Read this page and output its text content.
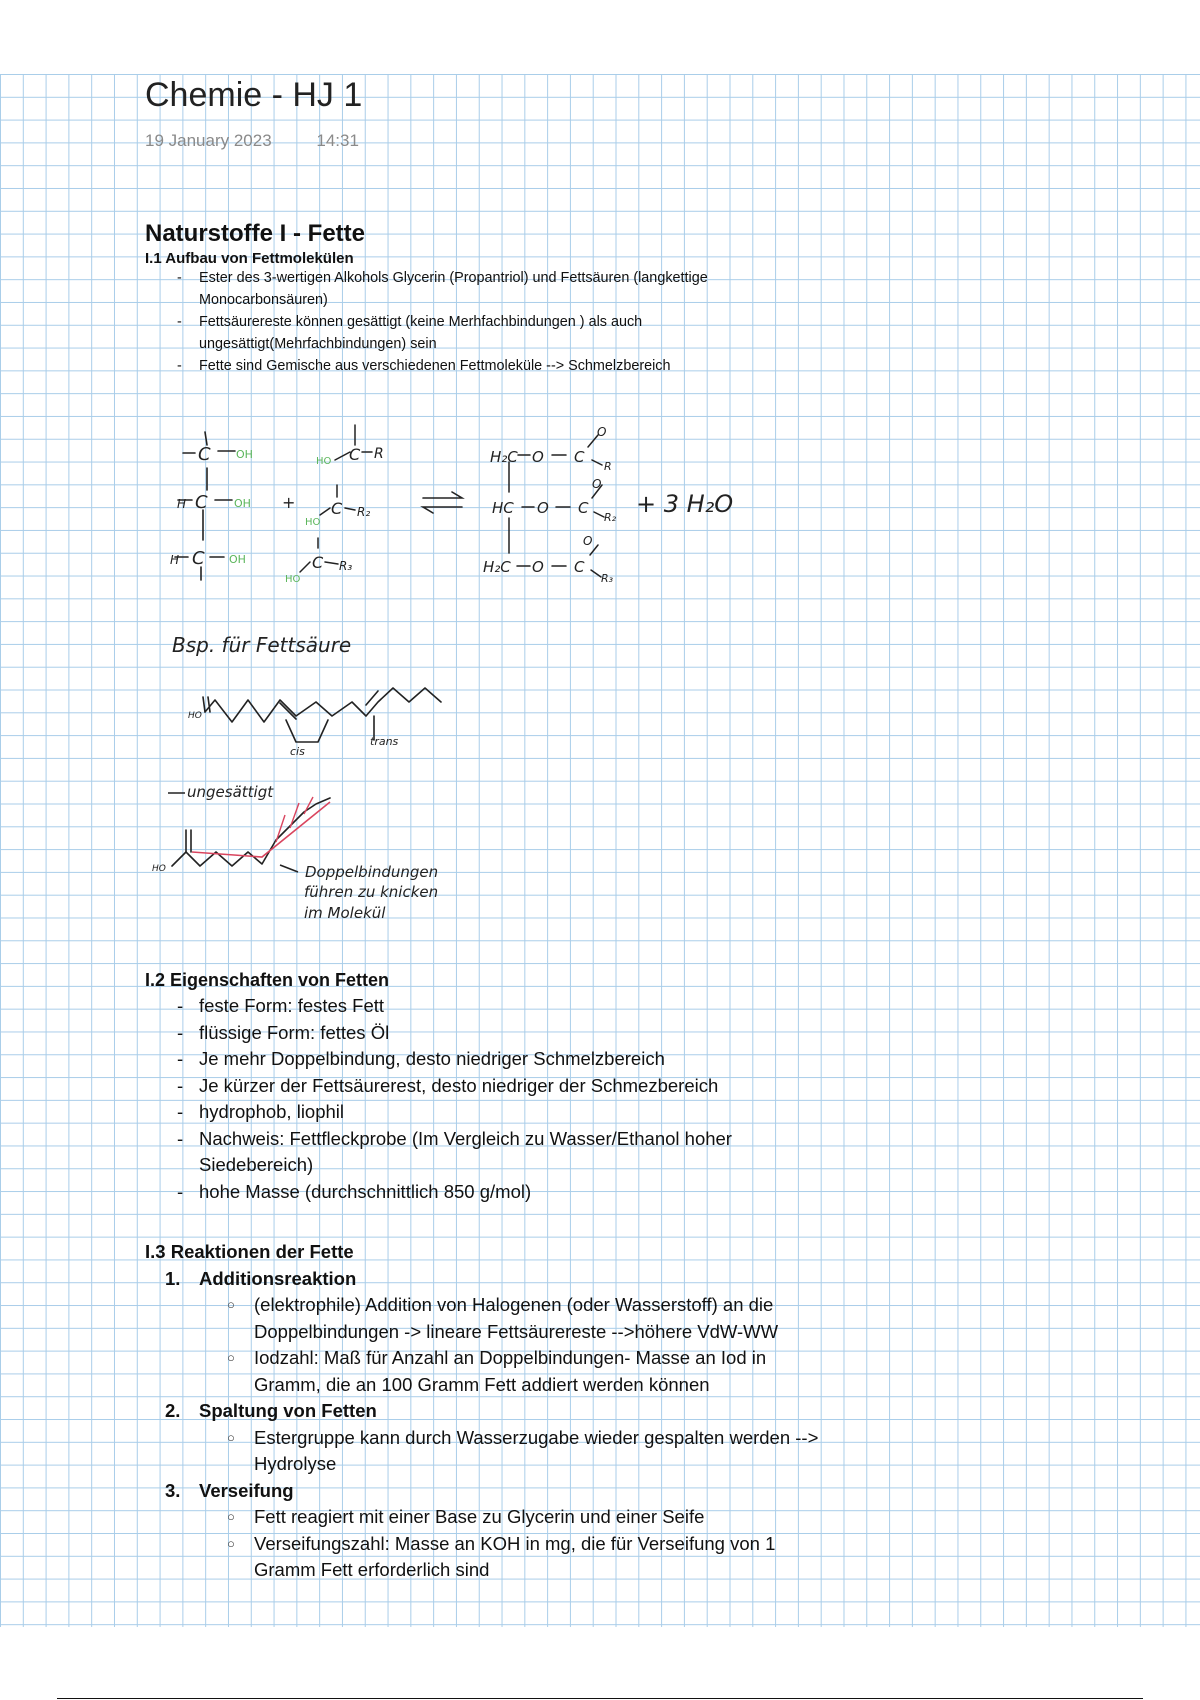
Chemie - HJ 1
19 January 2023	14:31
Naturstoffe I - Fette
I.1 Aufbau von Fettmolekülen
- Ester des 3-wertigen Alkohols Glycerin (Propantriol) und Fettsäuren (langkettige Monocarbonsäuren)
- Fettsäurereste können gesättigt (keine Merhfachbindungen ) als auch ungesättigt(Mehrfachbindungen) sein
- Fette sind Gemische aus verschiedenen Fettmoleküle --> Schmelzbereich
C
C
C
H
H
OH
OH
OH
+
C R
C R₂
C R₃
HO
HO
HO
H₂C O C
R
HC O C
R₂
H₂C O C
R₃
O
O
O
+ 3 H₂O
Bsp. für Fettsäure
HO
cis
trans
ungesättigt
HO	Doppelbindungen
führen zu knicken
im Molekül
I.2 Eigenschaften von Fetten
- feste Form: festes Fett
- flüssige Form: fettes Öl
- Je mehr Doppelbindung, desto niedriger Schmelzbereich
- Je kürzer der Fettsäurerest, desto niedriger der Schmezbereich
- hydrophob, liophil
- Nachweis: Fettfleckprobe (Im Vergleich zu Wasser/Ethanol hoher Siedebereich)
- hohe Masse (durchschnittlich 850 g/mol)
I.3 Reaktionen der Fette
1. Additionsreaktion
○ (elektrophile) Addition von Halogenen (oder Wasserstoff) an die Doppelbindungen -> lineare Fettsäurereste -->höhere VdW-WW
○ Iodzahl: Maß für Anzahl an Doppelbindungen- Masse an Iod in Gramm, die an 100 Gramm Fett addiert werden können
2. Spaltung von Fetten
○ Estergruppe kann durch Wasserzugabe wieder gespalten werden --> Hydrolyse
3. Verseifung
○ Fett reagiert mit einer Base zu Glycerin und einer Seife
○ Verseifungszahl: Masse an KOH in mg, die für Verseifung von 1 Gramm Fett erforderlich sind
